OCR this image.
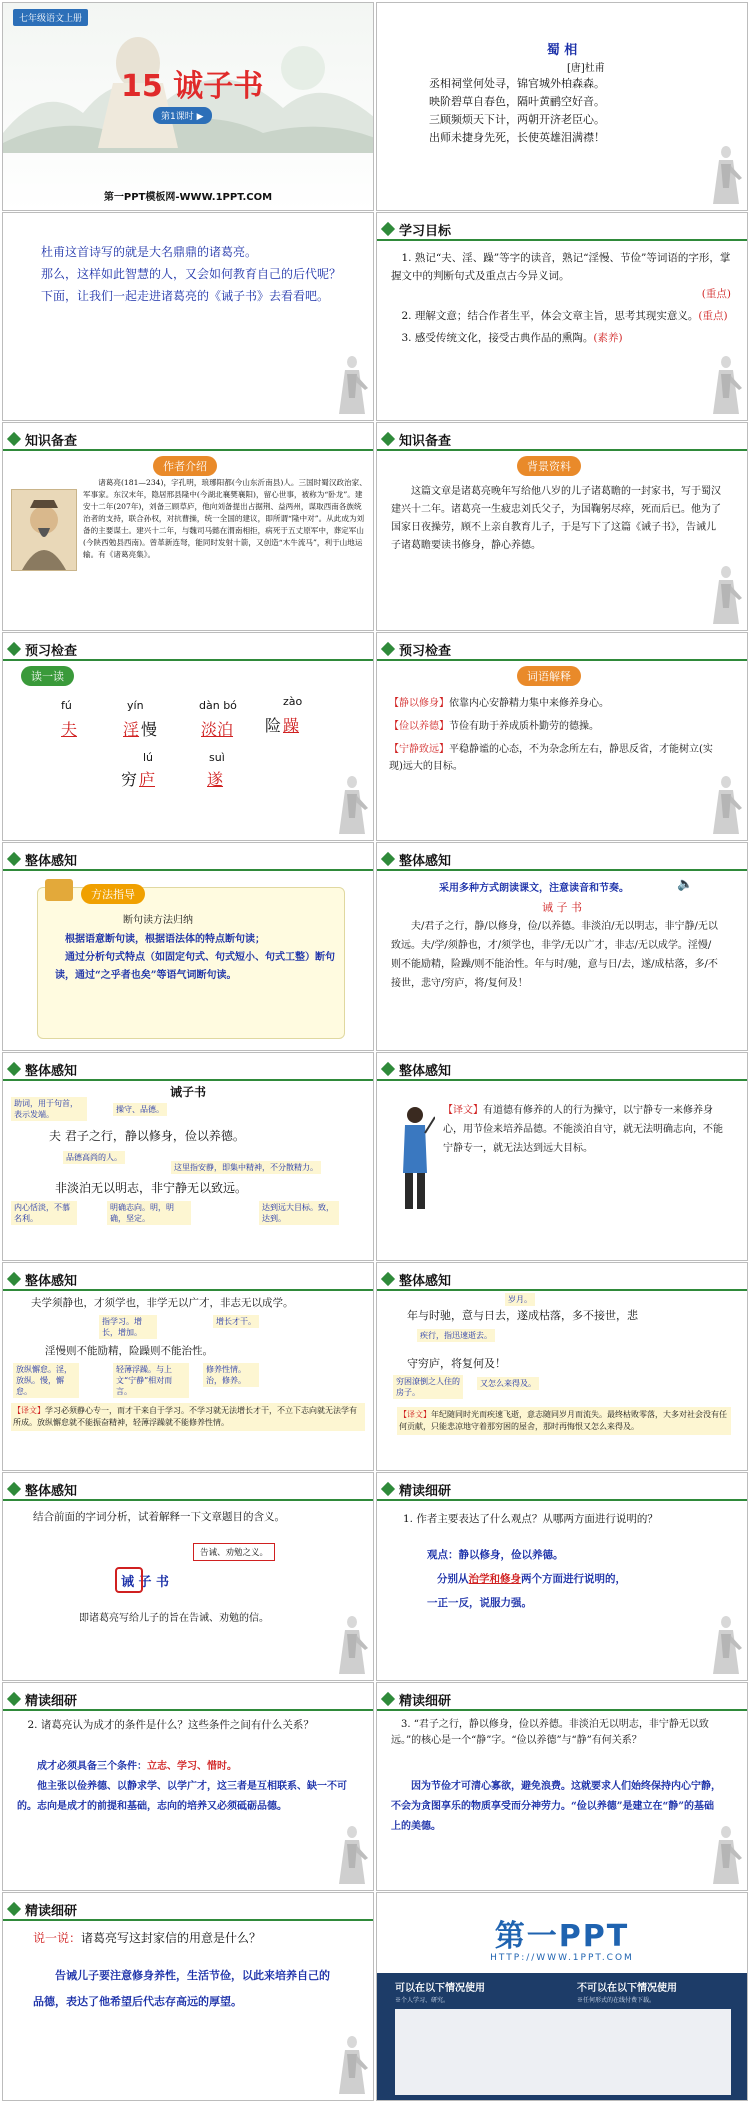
七年级语文上册
15 诚子书
第1课时 ▶
第一PPT模板网-WWW.1PPT.COM
蜀 相
[唐]杜甫
丞相祠堂何处寻，锦官城外柏森森。
映阶碧草自春色，隔叶黄鹂空好音。
三顾频烦天下计，两朝开济老臣心。
出师未捷身先死，长使英雄泪满襟！
杜甫这首诗写的就是大名鼎鼎的诸葛亮。
那么，这样如此智慧的人，又会如何教育自己的后代呢？
下面，让我们一起走进诸葛亮的《诫子书》去看看吧。
学习目标
1. 熟记“夫、淫、躁”等字的读音，熟记“淫慢、节俭”等词语的字形，掌握文中的判断句式及重点古今异义词。
(重点)
2. 理解文意；结合作者生平，体会文章主旨，思考其现实意义。(重点)
3. 感受传统文化，接受古典作品的熏陶。(素养)
知识备查
作者介绍
诸葛亮(181—234)，字孔明，琅琊阳都(今山东沂南县)人。三国时蜀汉政治家、军事家。东汉末年，隐居邢县隆中(今湖北襄樊襄阳)，留心世事，被称为“卧龙”。建安十二年(207年)，刘备三顾草庐，他向刘备提出占据荆、益两州，谋取西南各族统治者的支持，联合孙权，对抗曹操，统一全国的建议，即所谓“隆中对”。从此成为刘备的主要谋士。建兴十二年，与魏司马懿在渭南相拒，病死于五丈原军中，葬定军山(今陕西勉县西南)。曾革新连弩，能同时发射十箭，又创造“木牛流马”，利于山地运输。有《诸葛亮集》。
知识备查
背景资料
这篇文章是诸葛亮晚年写给他八岁的儿子诸葛瞻的一封家书，写于蜀汉建兴十二年。诸葛亮一生疲忠刘氏父子，为国鞠躬尽瘁，死而后已。他为了国家日夜操劳，顾不上亲自教育儿子，于是写下了这篇《诫子书》，告诫儿子诸葛瞻要读书修身，静心养德。
预习检查
读一读
fú
夫
yín
淫 慢
dàn bó
淡泊
zào
险 躁
lú
穷 庐
suì
遂
预习检查
词语解释
【静以修身】依靠内心安静精力集中来修养身心。
【俭以养德】节俭有助于养成质朴勤劳的德操。
【宁静致远】平稳静谧的心态，不为杂念所左右，静思反省，才能树立(实现)远大的目标。
整体感知
方法指导
断句读方法归纳
根据语意断句读，根据语法体的特点断句读；
通过分析句式特点（如固定句式、句式短小、句式工整）断句读，通过“之乎者也矣”等语气词断句读。
整体感知
采用多种方式朗读课文，注意读音和节奏。	🔈
诫 子 书
夫/君子之行，静/以修身，俭/以养德。非淡泊/无以明志，非宁静/无以致远。夫/学/须静也，才/须学也，非学/无以广才，非志/无以成学。淫慢/则不能励精，险躁/则不能治性。年与时/驰，意与日/去，遂/成枯落，多/不接世，悲守/穷庐，将/复何及！
整体感知
诫子书
助词，用于句首，表示发端。
操守、品德。
夫 君子之行，静以修身，俭以养德。
品德高尚的人。
这里指安静，即集中精神，不分散精力。
非淡泊无以明志，非宁静无以致远。
内心恬淡，不慕名利。
明确志向。明，明确，坚定。
达到远大目标。致，达到。
整体感知
【译文】有道德有修养的人的行为操守，以宁静专一来修养身心，用节俭来培养品德。不能淡泊自守，就无法明确志向，不能宁静专一，就无法达到远大目标。
整体感知
夫学须静也，才须学也，非学无以广才，非志无以成学。
指学习。增长，增加。
增长才干。
淫慢则不能励精，险躁则不能治性。
放纵懈怠。淫，放纵。慢，懈怠。
轻薄浮躁。与上文“宁静”相对而言。
修养性情。治，修养。
【译文】学习必须静心专一，而才干来自于学习。不学习就无法增长才干，不立下志向就无法学有所成。放纵懈怠就不能振奋精神，轻薄浮躁就不能修养性情。
整体感知
岁月。
年与时驰，意与日去，遂成枯落，多不接世，悲
疾行，指迅速逝去。
守穷庐，将复何及！
穷困潦倒之人住的房子。
又怎么来得及。
【译文】年纪随同时光而疾速飞逝，意志随同岁月而流失。最终枯败零落，大多对社会没有任何贡献，只能悲凉地守着那穷困的屋舍，那时再悔恨又怎么来得及。
整体感知
结合前面的字词分析，试着解释一下文章题目的含义。
告诫、劝勉之义。
诫 子 书
即诸葛亮写给儿子的旨在告诫、劝勉的信。
精读细研
1. 作者主要表达了什么观点？从哪两方面进行说明的？
观点：静以修身，俭以养德。
分别从治学和修身两个方面进行说明的，
一正一反，说服力强。
精读细研
2. 诸葛亮认为成才的条件是什么？这些条件之间有什么关系？
成才必须具备三个条件：立志、学习、惜时。
他主张以俭养德、以静求学、以学广才，这三者是互相联系、缺一不可的。志向是成才的前提和基础，志向的培养又必须砥砺品德。
精读细研
3. “君子之行，静以修身，俭以养德。非淡泊无以明志，非宁静无以致远。”的核心是一个“静”字。“俭以养德”与“静”有何关系？
因为节俭才可清心寡欲，避免浪费。这就要求人们始终保持内心宁静，不会为贪图享乐的物质享受而分神劳力。“俭以养德”是建立在“静”的基础上的美德。
精读细研
说一说：诸葛亮写这封家信的用意是什么？
告诫儿子要注意修身养性，生活节俭，以此来培养自己的品德，表达了他希望后代志存高远的厚望。
第一PPT
HTTP://WWW.1PPT.COM
可以在以下情况使用	不可以在以下情况使用
※个人学习、研究。	※任何形式的在线付费下载。
